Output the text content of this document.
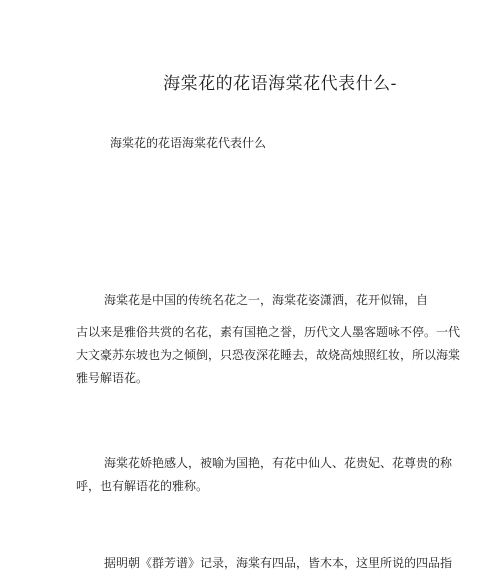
海棠花的花语海棠花代表什么-
海棠花的花语海棠花代表什么
海棠花是中国的传统名花之一，海棠花姿潇洒，花开似锦，自
古以来是雅俗共赏的名花，素有国艳之誉，历代文人墨客题咏不停。一代
大文豪苏东坡也为之倾倒，只恐夜深花睡去，故烧高烛照红妆，所以海棠
雅号解语花。
海棠花娇艳感人，被喻为国艳，有花中仙人、花贵妃、花尊贵的称
呼，也有解语花的雅称。
据明朝《群芳谱》记录，海棠有四品，皆木本，这里所说的四品指
